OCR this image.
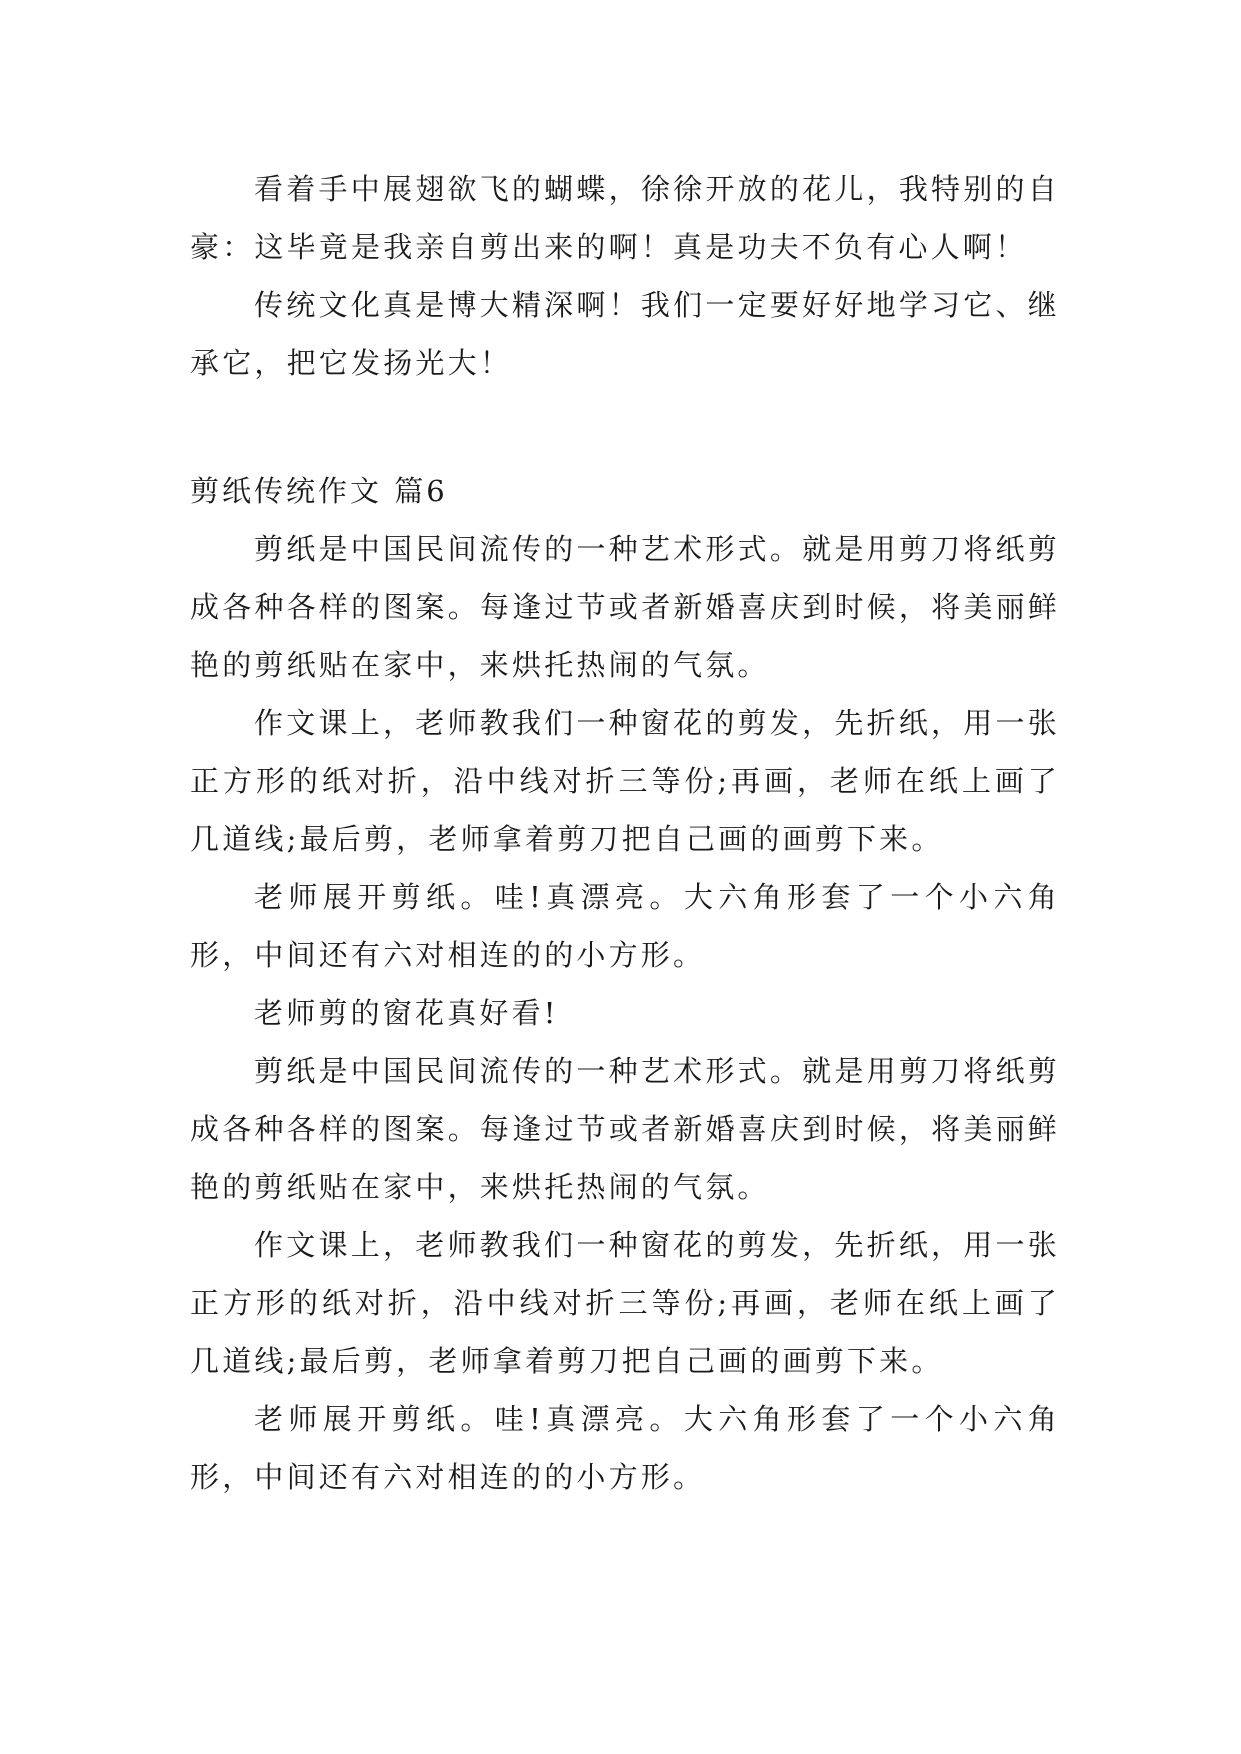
看着手中展翅欲飞的蝴蝶，徐徐开放的花儿，我特别的自豪：这毕竟是我亲自剪出来的啊！真是功夫不负有心人啊！

传统文化真是博大精深啊！我们一定要好好地学习它、继承它，把它发扬光大！

剪纸传统作文 篇6

剪纸是中国民间流传的一种艺术形式。就是用剪刀将纸剪成各种各样的图案。每逢过节或者新婚喜庆到时候，将美丽鲜艳的剪纸贴在家中，来烘托热闹的气氛。

作文课上，老师教我们一种窗花的剪发，先折纸，用一张正方形的纸对折，沿中线对折三等份;再画，老师在纸上画了几道线;最后剪，老师拿着剪刀把自己画的画剪下来。

老师展开剪纸。哇!真漂亮。大六角形套了一个小六角形，中间还有六对相连的的小方形。

老师剪的窗花真好看!

剪纸是中国民间流传的一种艺术形式。就是用剪刀将纸剪成各种各样的图案。每逢过节或者新婚喜庆到时候，将美丽鲜艳的剪纸贴在家中，来烘托热闹的气氛。

作文课上，老师教我们一种窗花的剪发，先折纸，用一张正方形的纸对折，沿中线对折三等份;再画，老师在纸上画了几道线;最后剪，老师拿着剪刀把自己画的画剪下来。

老师展开剪纸。哇!真漂亮。大六角形套了一个小六角形，中间还有六对相连的的小方形。
